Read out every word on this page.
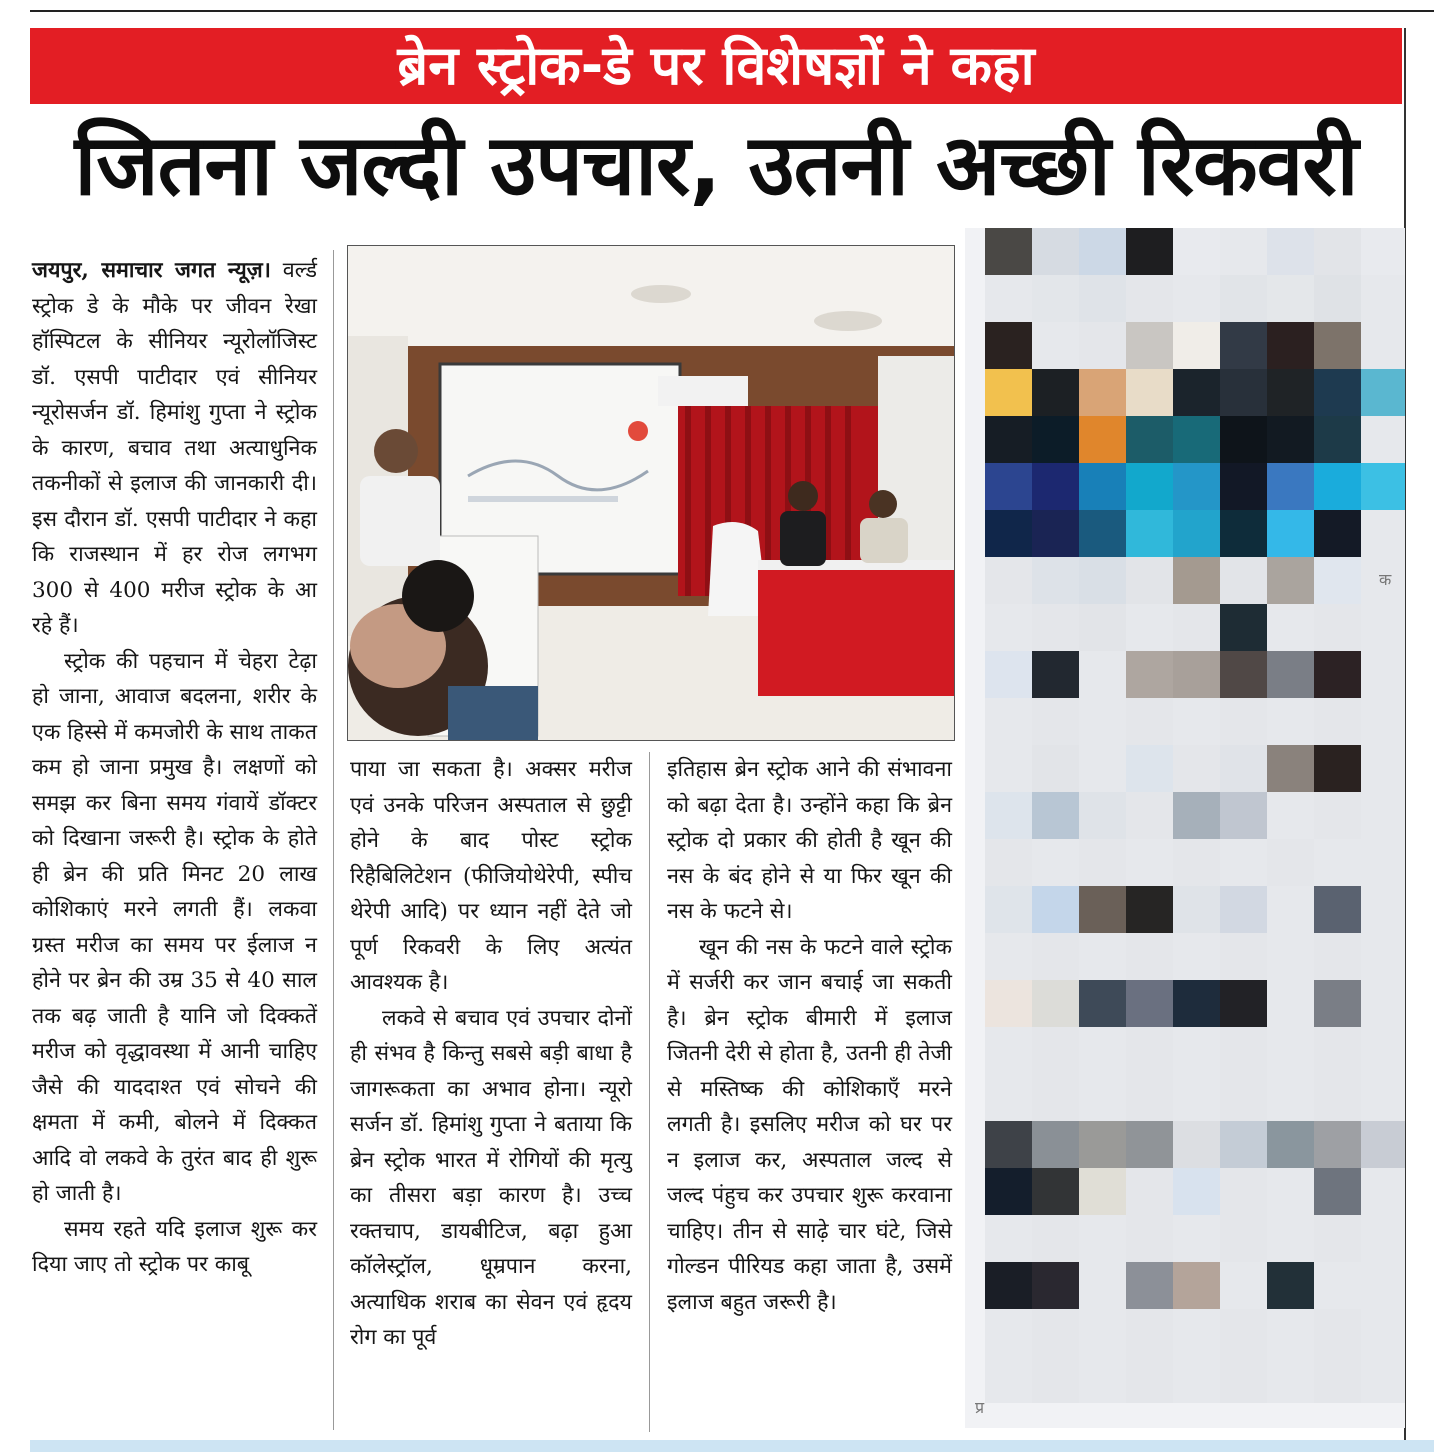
ब्रेन स्ट्रोक-डे पर विशेषज्ञों ने कहा
जितना जल्दी उपचार, उतनी अच्छी रिकवरी

जयपुर, समाचार जगत न्यूज़। वर्ल्ड स्ट्रोक डे के मौके पर जीवन रेखा हॉस्पिटल के सीनियर न्यूरोलॉजिस्ट डॉ. एसपी पाटीदार एवं सीनियर न्यूरोसर्जन डॉ. हिमांशु गुप्ता ने स्ट्रोक के कारण, बचाव तथा अत्याधुनिक तकनीकों से इलाज की जानकारी दी। इस दौरान डॉ. एसपी पाटीदार ने कहा कि राजस्थान में हर रोज लगभग 300 से 400 मरीज स्ट्रोक के आ रहे हैं।

स्ट्रोक की पहचान में चेहरा टेढ़ा हो जाना, आवाज बदलना, शरीर के एक हिस्से में कमजोरी के साथ ताकत कम हो जाना प्रमुख है। लक्षणों को समझ कर बिना समय गंवायें डॉक्टर को दिखाना जरूरी है। स्ट्रोक के होते ही ब्रेन की प्रति मिनट 20 लाख कोशिकाएं मरने लगती हैं। लकवा ग्रस्त मरीज का समय पर ईलाज न होने पर ब्रेन की उम्र 35 से 40 साल तक बढ़ जाती है यानि जो दिक्कतें मरीज को वृद्धावस्था में आनी चाहिए जैसे की याददाश्त एवं सोचने की क्षमता में कमी, बोलने में दिक्कत आदि वो लकवे के तुरंत बाद ही शुरू हो जाती है।

समय रहते यदि इलाज शुरू कर दिया जाए तो स्ट्रोक पर काबू

पाया जा सकता है। अक्सर मरीज एवं उनके परिजन अस्पताल से छुट्टी होने के बाद पोस्ट स्ट्रोक रिहैबिलिटेशन (फीजियोथेरेपी, स्पीच थेरेपी आदि) पर ध्यान नहीं देते जो पूर्ण रिकवरी के लिए अत्यंत आवश्यक है।

लकवे से बचाव एवं उपचार दोनों ही संभव है किन्तु सबसे बड़ी बाधा है जागरूकता का अभाव होना। न्यूरो सर्जन डॉ. हिमांशु गुप्ता ने बताया कि ब्रेन स्ट्रोक भारत में रोगियों की मृत्यु का तीसरा बड़ा कारण है। उच्च रक्तचाप, डायबीटिज, बढ़ा हुआ कॉलेस्ट्रॉल, धूम्रपान करना, अत्याधिक शराब का सेवन एवं हृदय रोग का पूर्व

इतिहास ब्रेन स्ट्रोक आने की संभावना को बढ़ा देता है। उन्होंने कहा कि ब्रेन स्ट्रोक दो प्रकार की होती है खून की नस के बंद होने से या फिर खून की नस के फटने से।

खून की नस के फटने वाले स्ट्रोक में सर्जरी कर जान बचाई जा सकती है। ब्रेन स्ट्रोक बीमारी में इलाज जितनी देरी से होता है, उतनी ही तेजी से मस्तिष्क की कोशिकाएँ मरने लगती है। इसलिए मरीज को घर पर न इलाज कर, अस्पताल जल्द से जल्द पंहुच कर उपचार शुरू करवाना चाहिए। तीन से साढ़े चार घंटे, जिसे गोल्डन पीरियड कहा जाता है, उसमें इलाज बहुत जरूरी है।

क
प्र
